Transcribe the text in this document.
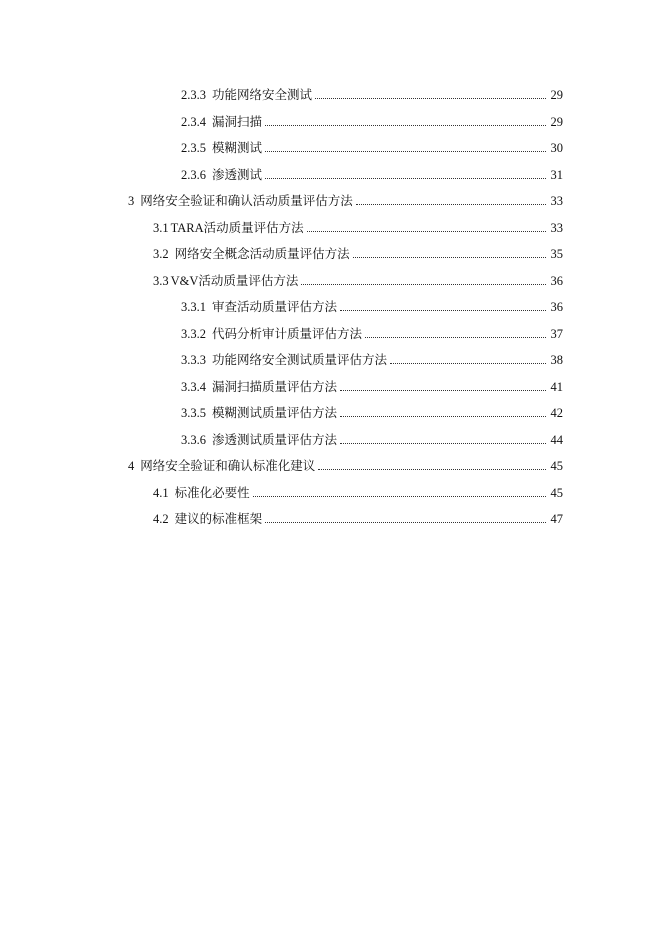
2.3.3 功能网络安全测试	29
2.3.4 漏洞扫描	29
2.3.5 模糊测试	30
2.3.6 渗透测试	31
3 网络安全验证和确认活动质量评估方法	33
3.1 TARA活动质量评估方法	33
3.2 网络安全概念活动质量评估方法	35
3.3 V&V活动质量评估方法	36
3.3.1 审查活动质量评估方法	36
3.3.2 代码分析审计质量评估方法	37
3.3.3 功能网络安全测试质量评估方法	38
3.3.4 漏洞扫描质量评估方法	41
3.3.5 模糊测试质量评估方法	42
3.3.6 渗透测试质量评估方法	44
4 网络安全验证和确认标准化建议	45
4.1 标准化必要性	45
4.2 建议的标准框架	47
